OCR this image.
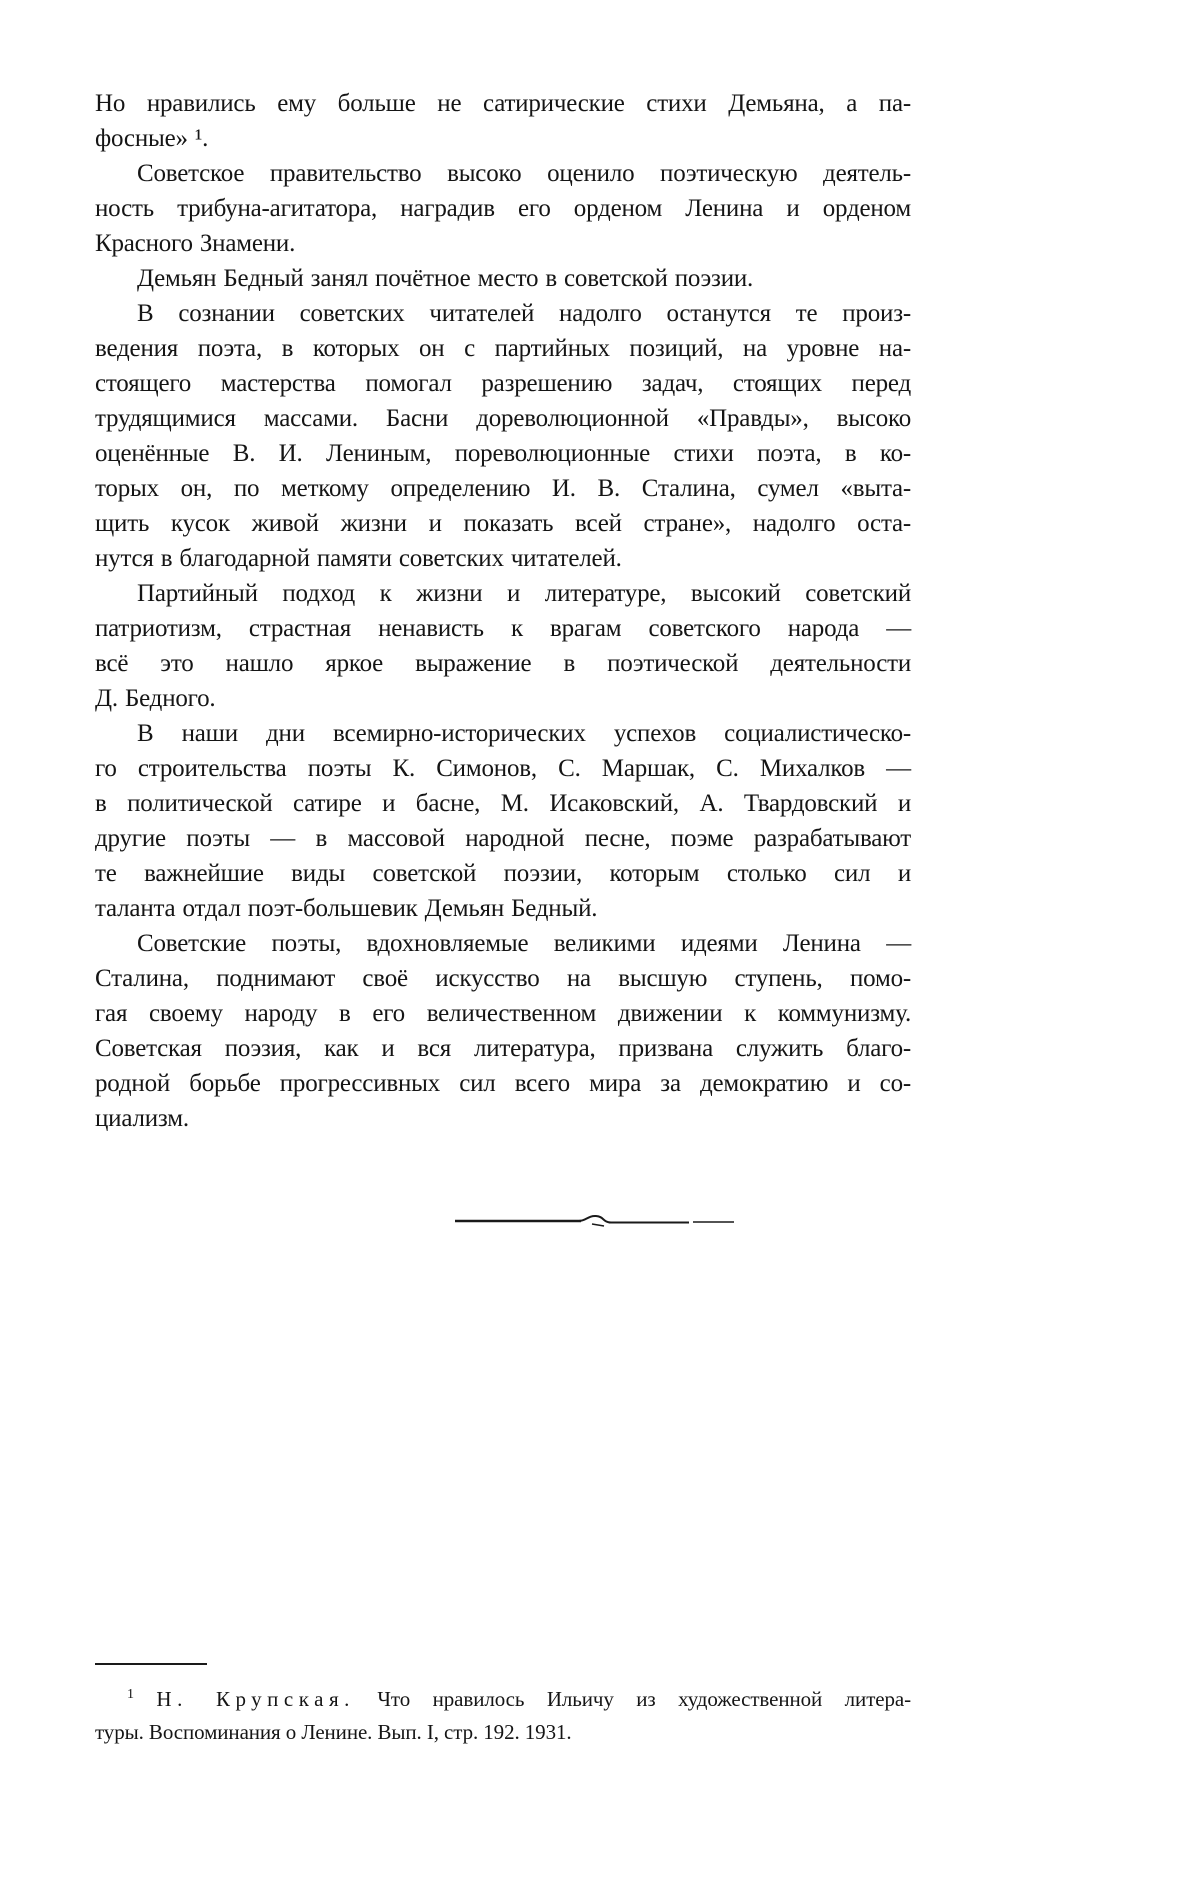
Но нравились ему больше не сатирические стихи Демьяна, а па-
фосные» ¹.
Советское правительство высоко оценило поэтическую деятель-
ность трибуна-агитатора, наградив его орденом Ленина и орденом
Красного Знамени.
Демьян Бедный занял почётное место в советской поэзии.
В сознании советских читателей надолго останутся те произ-
ведения поэта, в которых он с партийных позиций, на уровне на-
стоящего мастерства помогал разрешению задач, стоящих перед
трудящимися массами. Басни дореволюционной «Правды», высоко
оценённые В. И. Лениным, пореволюционные стихи поэта, в ко-
торых он, по меткому определению И. В. Сталина, сумел «выта-
щить кусок живой жизни и показать всей стране», надолго оста-
нутся в благодарной памяти советских читателей.
Партийный подход к жизни и литературе, высокий советский
патриотизм, страстная ненависть к врагам советского народа —
всё это нашло яркое выражение в поэтической деятельности
Д. Бедного.
В наши дни всемирно-исторических успехов социалистическо-
го строительства поэты К. Симонов, С. Маршак, С. Михалков —
в политической сатире и басне, М. Исаковский, А. Твардовский и
другие поэты — в массовой народной песне, поэме разрабатывают
те важнейшие виды советской поэзии, которым столько сил и
таланта отдал поэт-большевик Демьян Бедный.
Советские поэты, вдохновляемые великими идеями Ленина —
Сталина, поднимают своё искусство на высшую ступень, помо-
гая своему народу в его величественном движении к коммунизму.
Советская поэзия, как и вся литература, призвана служить благо-
родной борьбе прогрессивных сил всего мира за демократию и со-
циализм.

$^1$ Н. Крупская. Что нравилось Ильичу из художественной литера-

туры. Воспоминания о Ленине. Вып. I, стр. 192. 1931.
